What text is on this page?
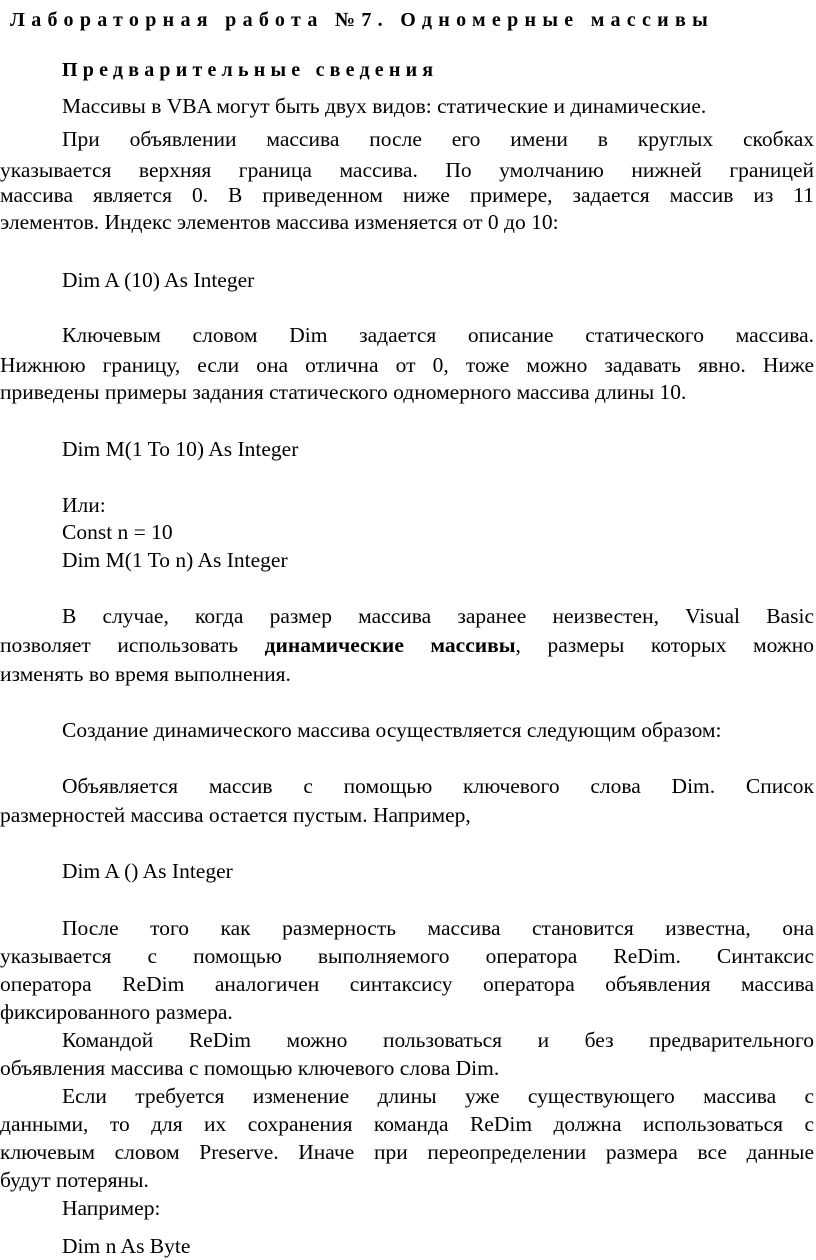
Лабораторная работа №7. Одномерные массивы
Предварительные сведения
Массивы в VBA могут быть двух видов: статические и динамические.
При объявлении массива после его имени в круглых скобках
указывается верхняя граница массива. По умолчанию нижней границей
массива является 0. В приведенном ниже примере, задается массив из 11
элементов. Индекс элементов массива изменяется от 0 до 10:
Dim A (10) As Integer
Ключевым словом Dim задается описание статического массива.
Нижнюю границу, если она отлична от 0, тоже можно задавать явно. Ниже
приведены примеры задания статического одномерного массива длины 10.
Dim M(1 To 10) As Integer
Или:
Const n = 10
Dim M(1 To n) As Integer
В случае, когда размер массива заранее неизвестен, Visual Basic
позволяет использовать динамические массивы, размеры которых можно
изменять во время выполнения.
Создание динамического массива осуществляется следующим образом:
Объявляется массив с помощью ключевого слова Dim. Список
размерностей массива остается пустым. Например,
Dim A () As Integer
После того как размерность массива становится известна, она
указывается с помощью выполняемого оператора ReDim. Синтаксис
оператора ReDim аналогичен синтаксису оператора объявления массива
фиксированного размера.
Командой ReDim можно пользоваться и без предварительного
объявления массива с помощью ключевого слова Dim.
Если требуется изменение длины уже существующего массива с
данными, то для их сохранения команда ReDim должна использоваться с
ключевым словом Preserve. Иначе при переопределении размера все данные
будут потеряны.
Например:
Dim n As Byte
